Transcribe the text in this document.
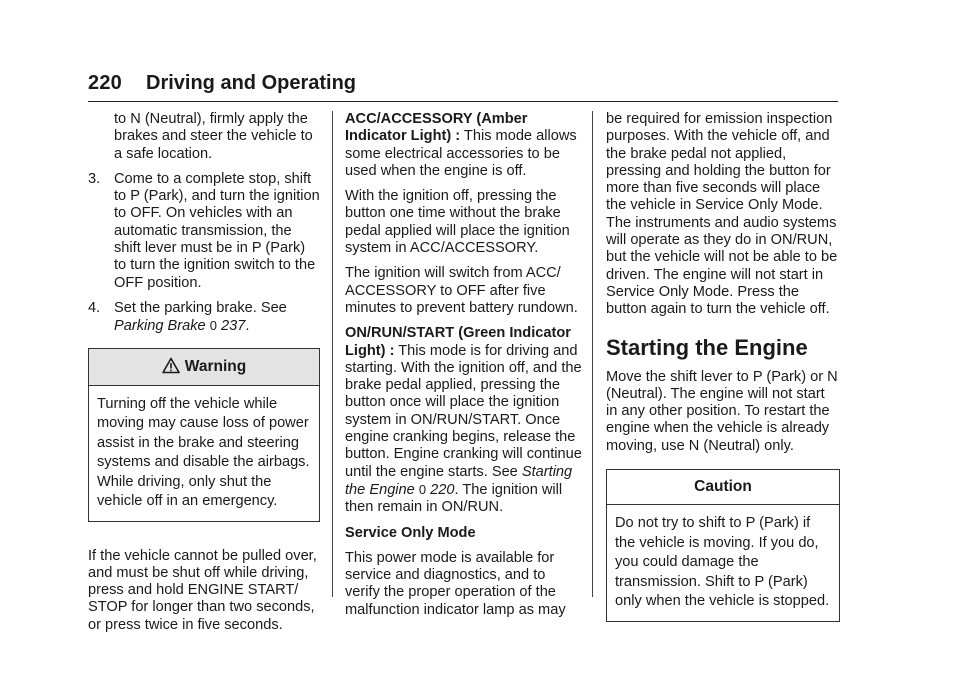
220 Driving and Operating
to N (Neutral), firmly apply the brakes and steer the vehicle to a safe location.
3. Come to a complete stop, shift to P (Park), and turn the ignition to OFF. On vehicles with an automatic transmission, the shift lever must be in P (Park) to turn the ignition switch to the OFF position.
4. Set the parking brake. See
Parking Brake 0 237.
Warning

Turning off the vehicle while moving may cause loss of power assist in the brake and steering systems and disable the airbags. While driving, only shut the vehicle off in an emergency.

If the vehicle cannot be pulled over, and must be shut off while driving, press and hold ENGINE START/ STOP for longer than two seconds, or press twice in five seconds.

ACC/ACCESSORY (Amber Indicator Light) : This mode allows some electrical accessories to be used when the engine is off.

With the ignition off, pressing the button one time without the brake pedal applied will place the ignition system in ACC/ACCESSORY.

The ignition will switch from ACC/ ACCESSORY to OFF after five minutes to prevent battery rundown.

ON/RUN/START (Green Indicator Light) : This mode is for driving and starting. With the ignition off, and the brake pedal applied, pressing the button once will place the ignition system in ON/RUN/START. Once engine cranking begins, release the button. Engine cranking will continue until the engine starts. See Starting the Engine 0 220. The ignition will then remain in ON/RUN.

Service Only Mode

This power mode is available for service and diagnostics, and to verify the proper operation of the malfunction indicator lamp as may

be required for emission inspection purposes. With the vehicle off, and the brake pedal not applied, pressing and holding the button for more than five seconds will place the vehicle in Service Only Mode. The instruments and audio systems will operate as they do in ON/RUN, but the vehicle will not be able to be driven. The engine will not start in Service Only Mode. Press the button again to turn the vehicle off.

Starting the Engine

Move the shift lever to P (Park) or N (Neutral). The engine will not start in any other position. To restart the engine when the vehicle is already moving, use N (Neutral) only.

Caution

Do not try to shift to P (Park) if the vehicle is moving. If you do, you could damage the transmission. Shift to P (Park) only when the vehicle is stopped.
